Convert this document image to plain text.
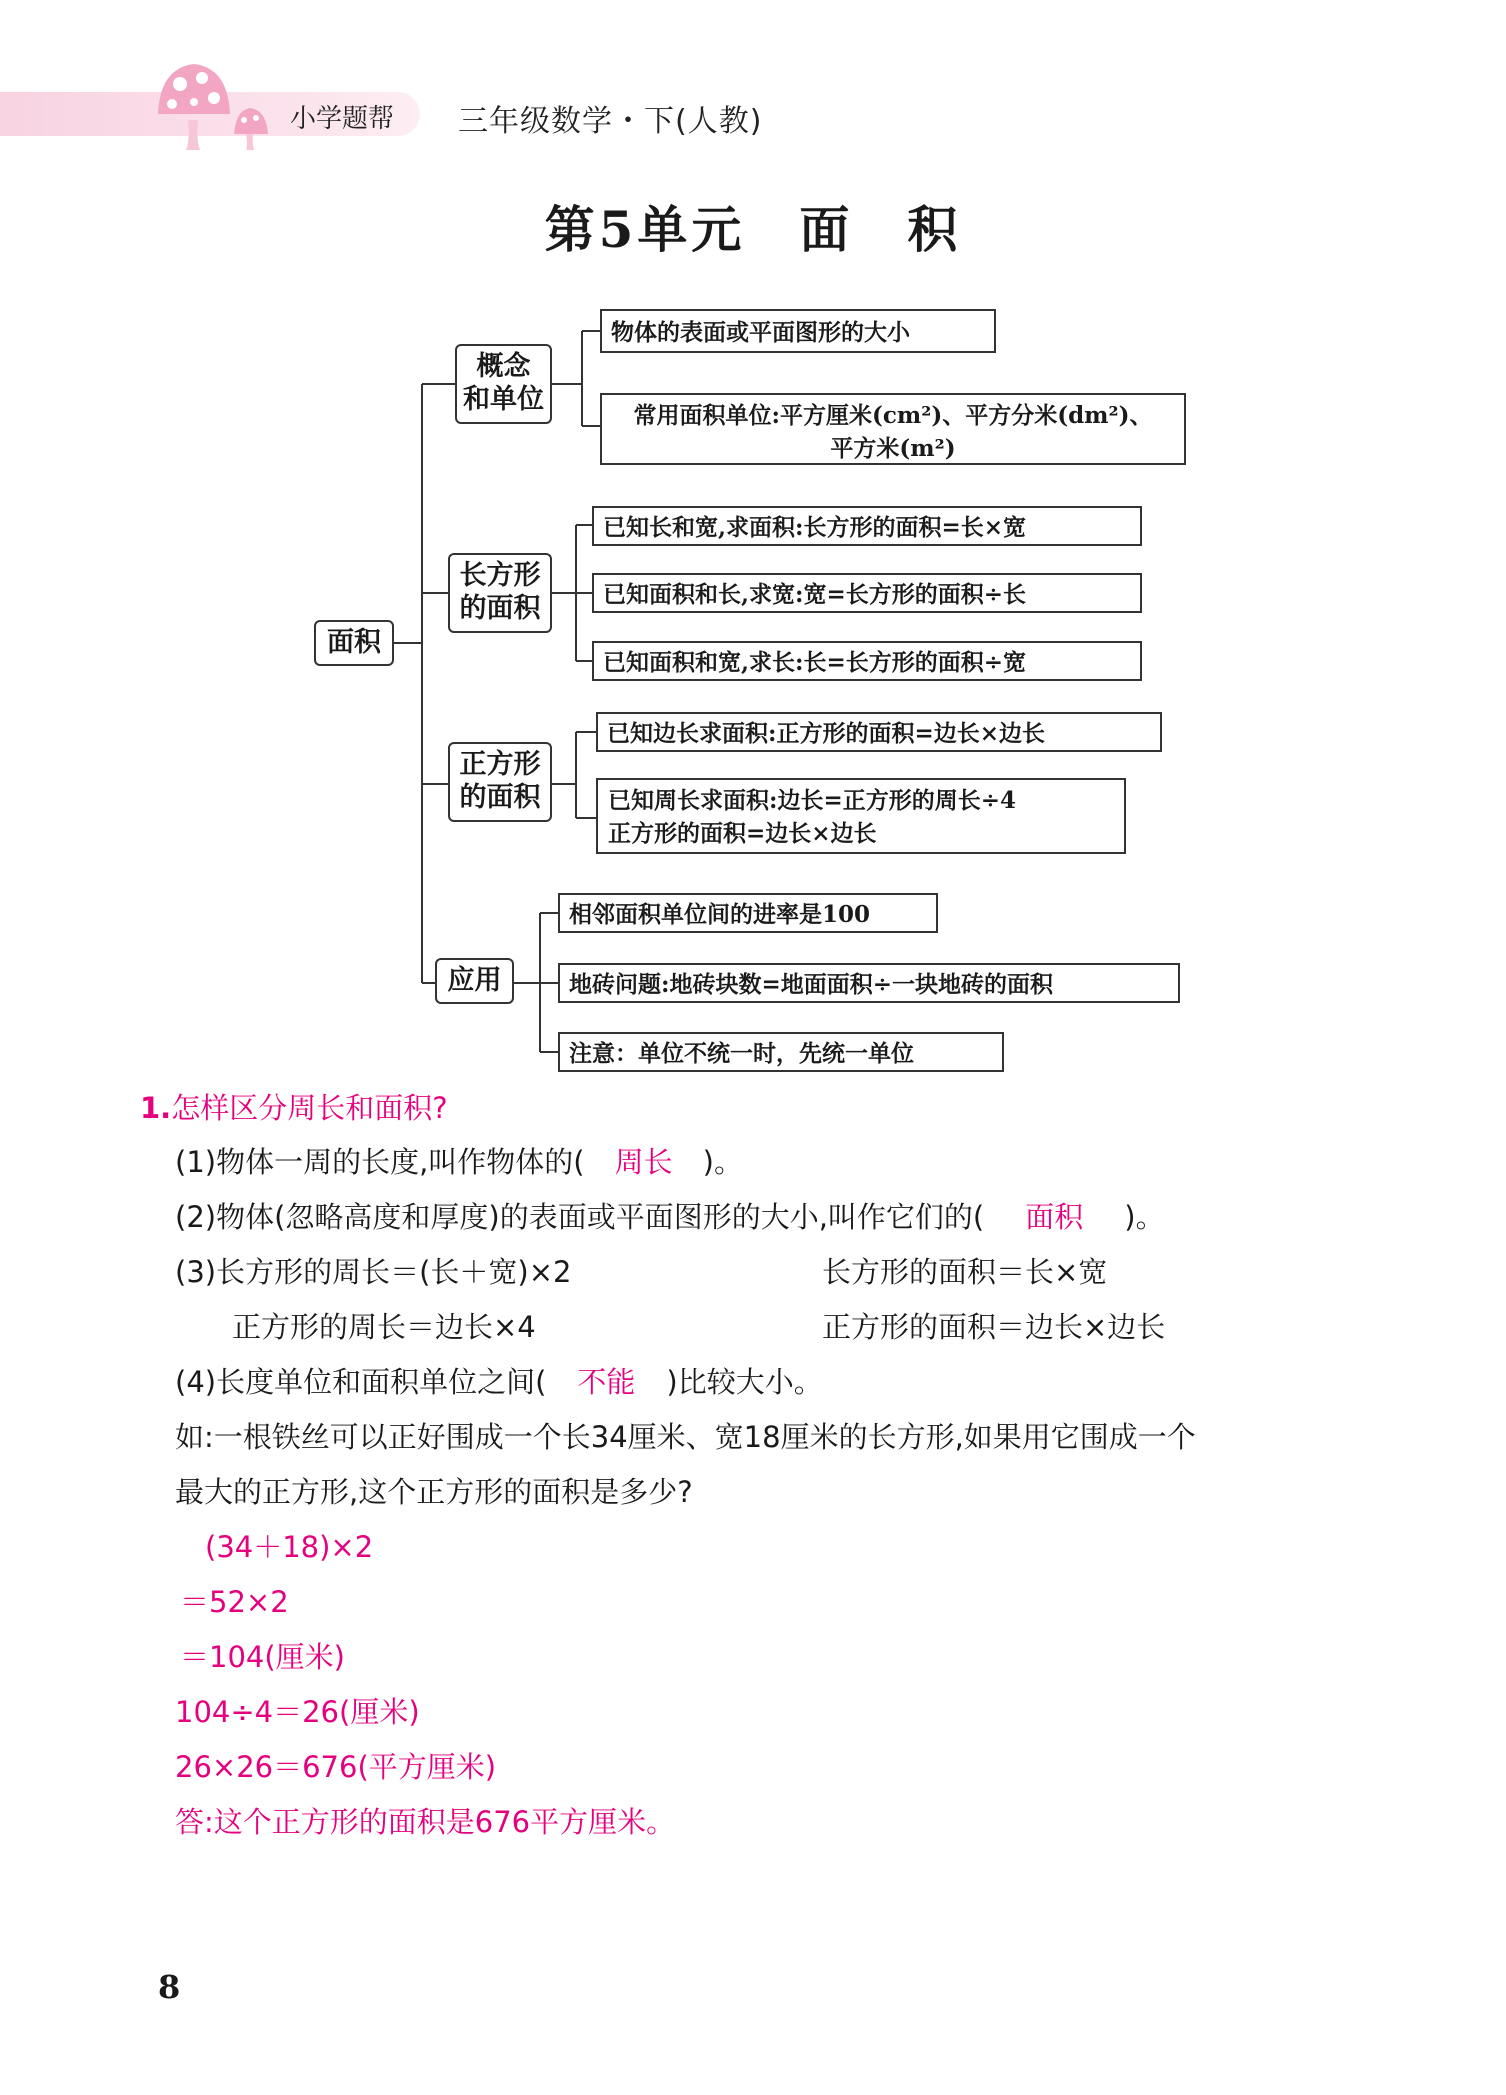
小学题帮 三年级数学・下(人教)
第5单元　面　积
面积
概念
和单位
物体的表面或平面图形的大小
常用面积单位:平方厘米(cm²)、平方分米(dm²)、
平方米(m²)
长方形
的面积
已知长和宽,求面积:长方形的面积=长×宽
已知面积和长,求宽:宽=长方形的面积÷长
已知面积和宽,求长:长=长方形的面积÷宽
正方形
的面积
已知边长求面积:正方形的面积=边长×边长
已知周长求面积:边长=正方形的周长÷4
正方形的面积=边长×边长
应用
相邻面积单位间的进率是100
地砖问题:地砖块数=地面面积÷一块地砖的面积
注意：单位不统一时，先统一单位
1.怎样区分周长和面积?
(1)物体一周的长度,叫作物体的( 周长 )。
(2)物体(忽略高度和厚度)的表面或平面图形的大小,叫作它们的( 面积 )。
(3)长方形的周长＝(长＋宽)×2	长方形的面积＝长×宽
正方形的周长＝边长×4	正方形的面积＝边长×边长
(4)长度单位和面积单位之间( 不能 )比较大小。
如:一根铁丝可以正好围成一个长34厘米、宽18厘米的长方形,如果用它围成一个
最大的正方形,这个正方形的面积是多少?
(34＋18)×2
＝52×2
＝104(厘米)
104÷4＝26(厘米)
26×26＝676(平方厘米)
答:这个正方形的面积是676平方厘米。
8
